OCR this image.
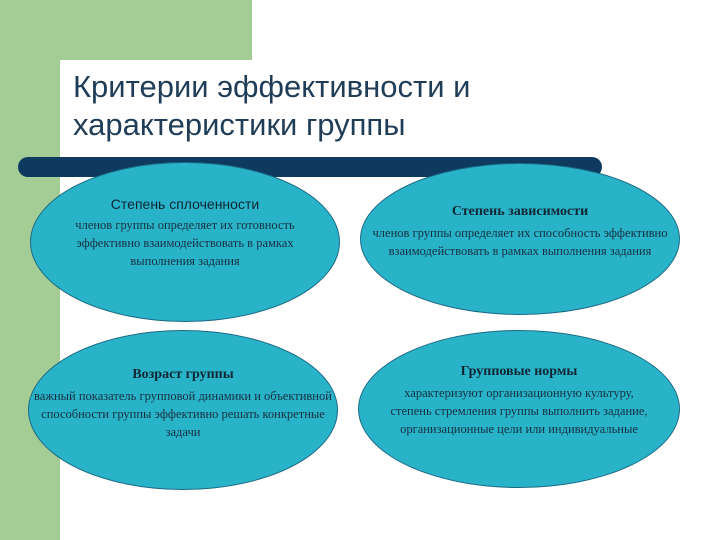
Критерии эффективности и
характеристики группы
Степень сплоченности
членов группы определяет их готовность эффективно взаимодействовать в рамках выполнения задания
Степень зависимости
членов группы определяет их способность эффективно взаимодействовать в рамках выполнения задания
Возраст группы
важный показатель групповой динамики и объективной способности группы эффективно решать конкретные задачи
Групповые нормы
характеризуют организационную культуру, степень стремления группы выполнить задание, организационные цели или индивидуальные
